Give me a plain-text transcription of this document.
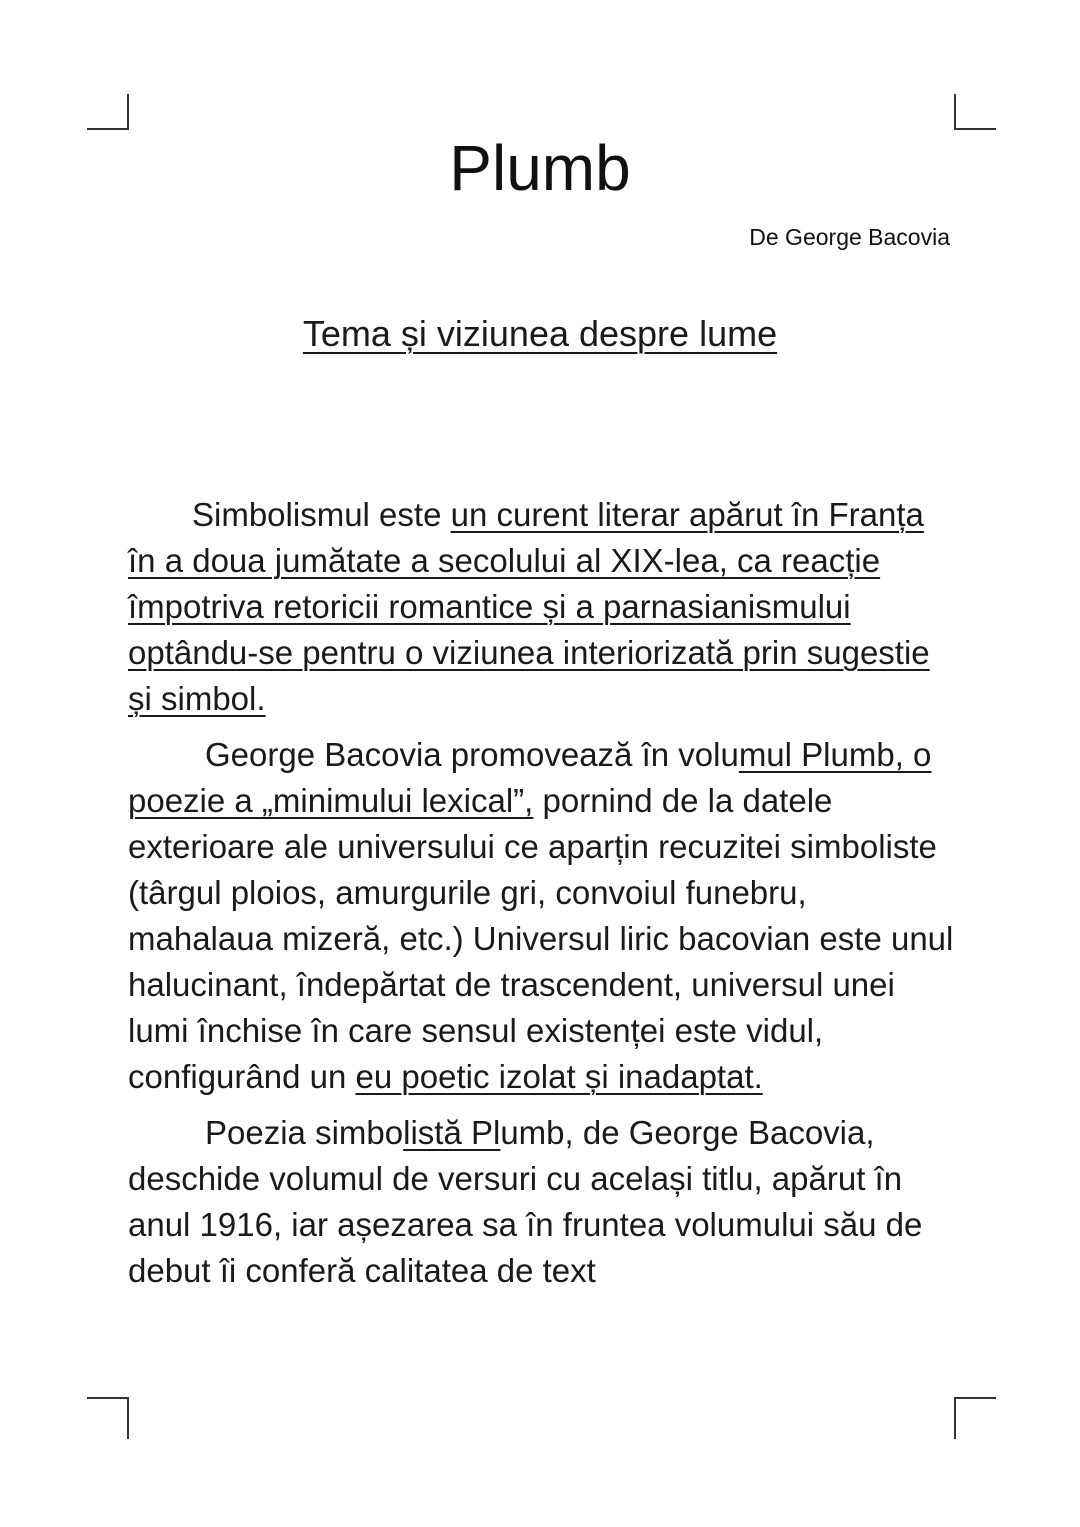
Plumb
De George Bacovia
Tema și viziunea despre lume

Simbolismul este un curent literar apărut în Franța în a doua jumătate a secolului al XIX-lea, ca reacție împotriva retoricii romantice și a parnasianismului optându-se pentru o viziunea interiorizată prin sugestie și simbol.

George Bacovia promovează în volumul Plumb, o poezie a „minimului lexical”, pornind de la datele exterioare ale universului ce aparțin recuzitei simboliste (târgul ploios, amurgurile gri, convoiul funebru, mahalaua mizeră, etc.) Universul liric bacovian este unul halucinant, îndepărtat de trascendent, universul unei lumi închise în care sensul existenței este vidul, configurând un eu poetic izolat și inadaptat.

Poezia simbolistă Plumb, de George Bacovia, deschide volumul de versuri cu același titlu, apărut în anul 1916, iar așezarea sa în fruntea volumului său de debut îi conferă calitatea de text
